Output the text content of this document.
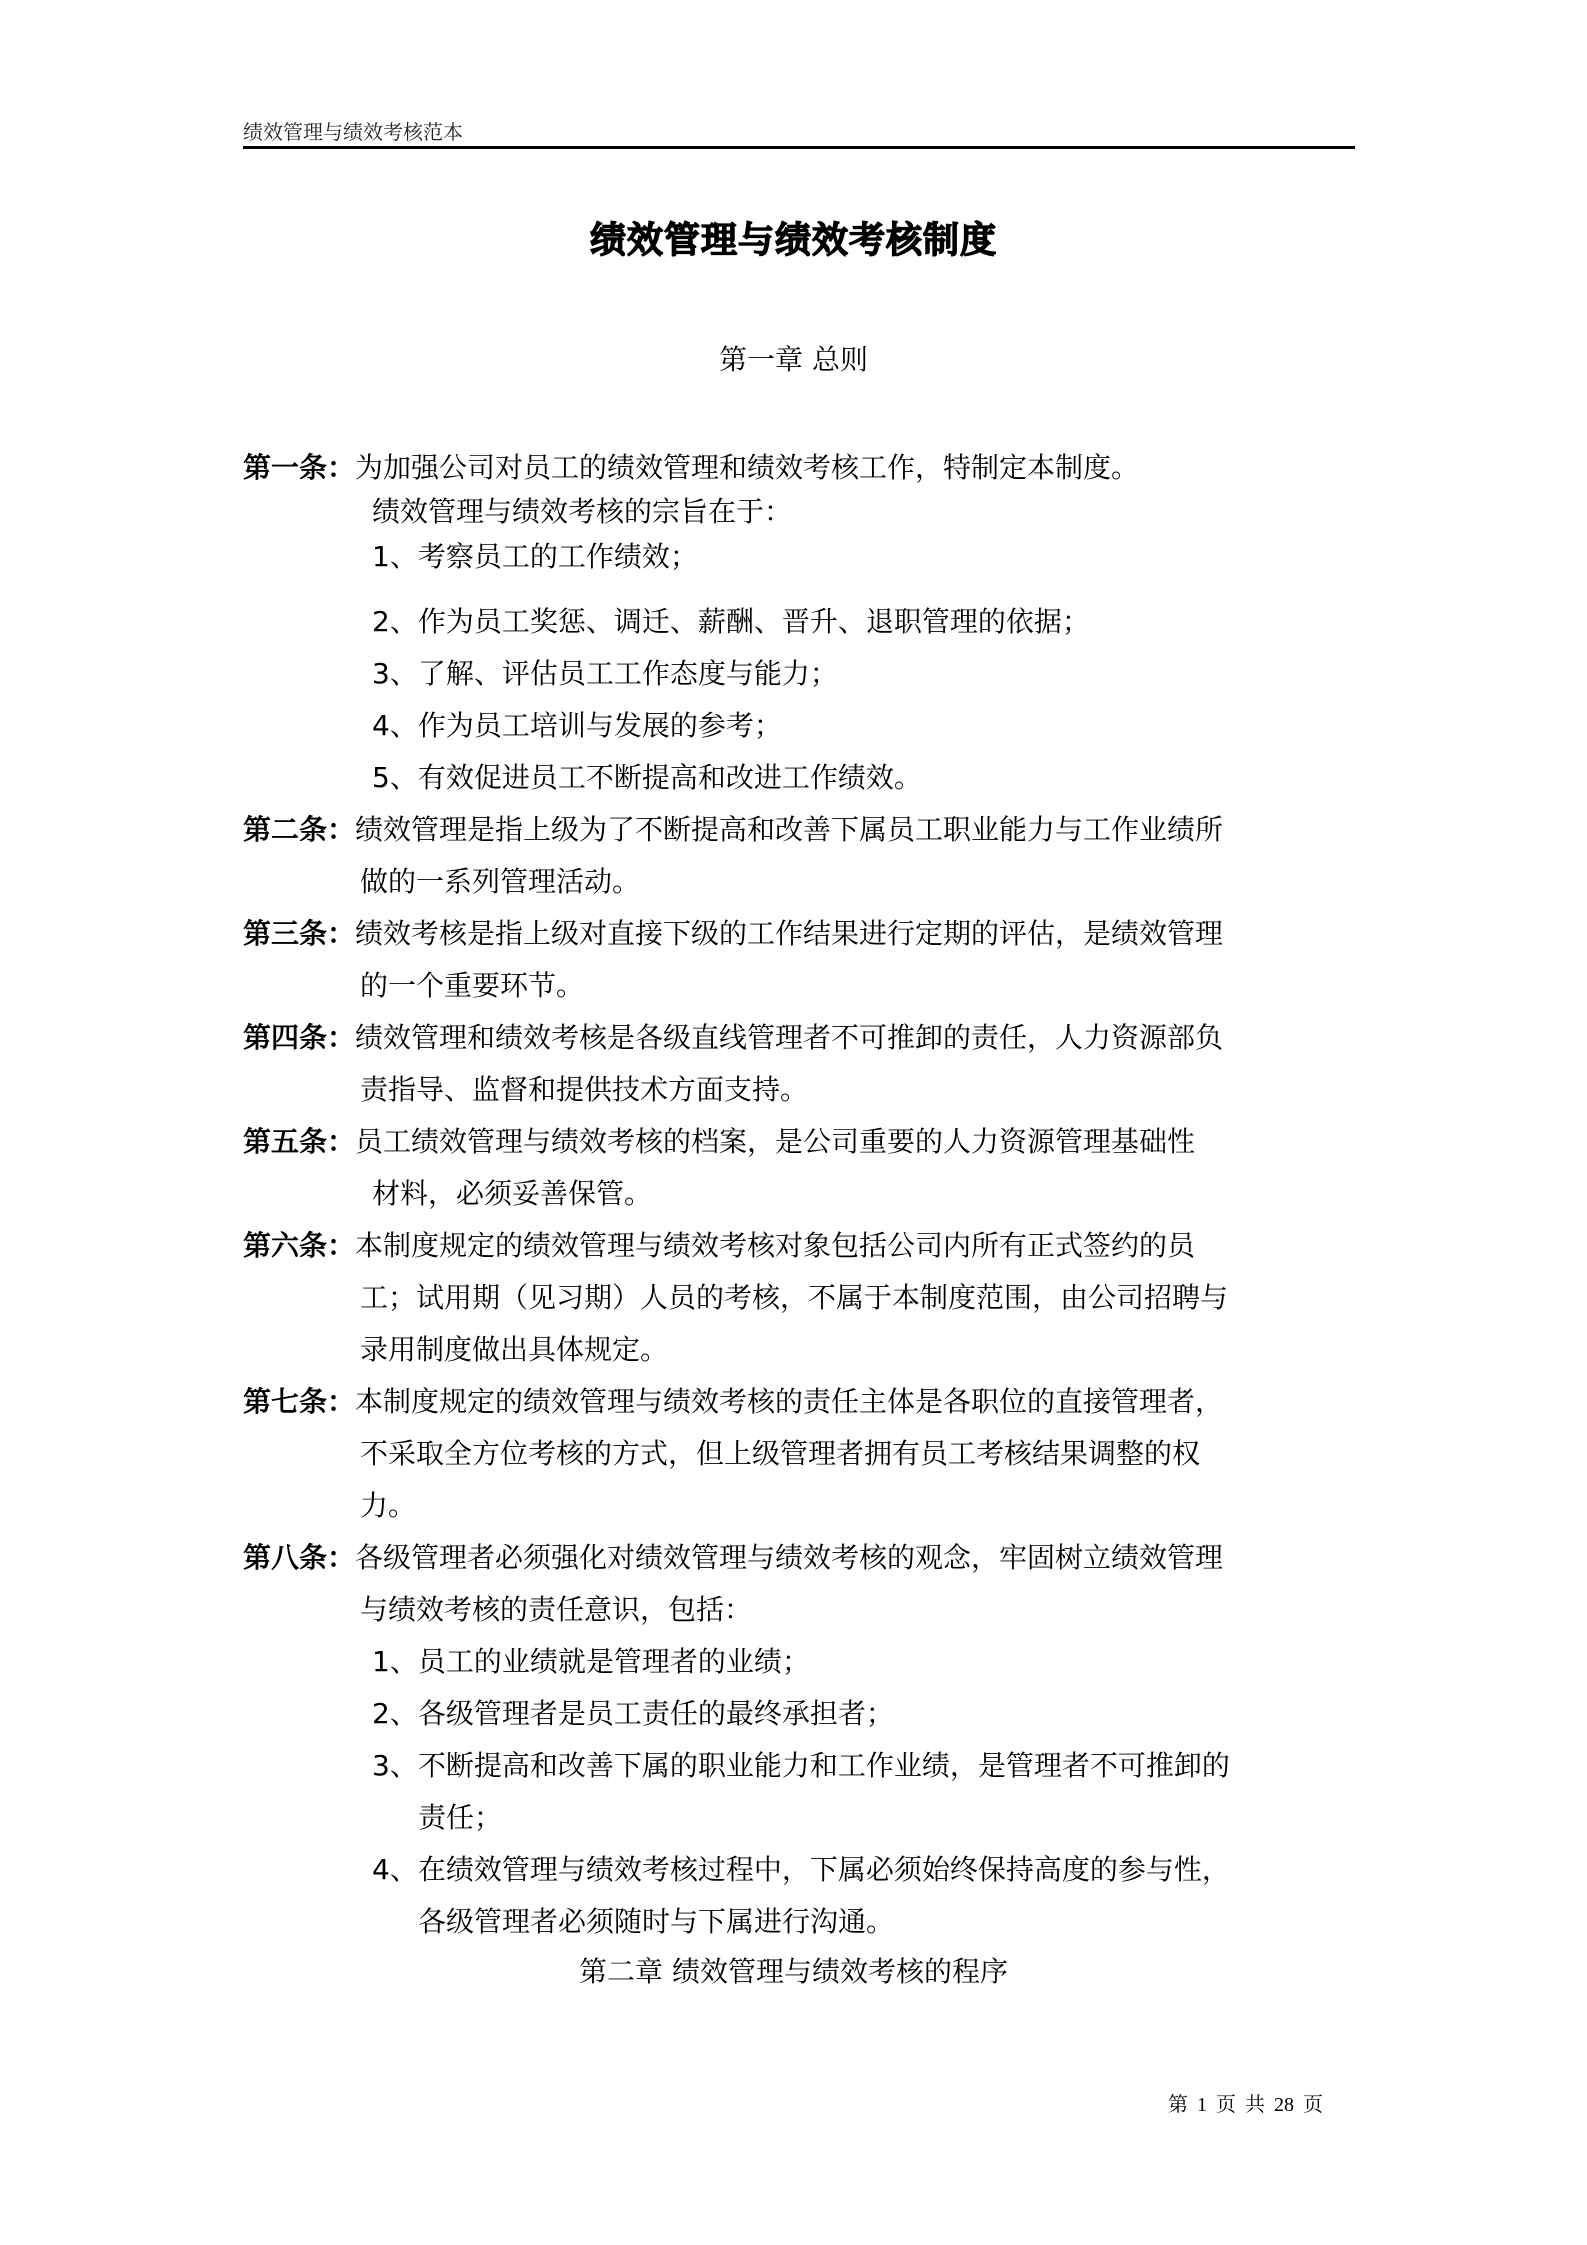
绩效管理与绩效考核范本
绩效管理与绩效考核制度
第一章 总则
第一条：为加强公司对员工的绩效管理和绩效考核工作，特制定本制度。
绩效管理与绩效考核的宗旨在于：
1、考察员工的工作绩效；
2、作为员工奖惩、调迁、薪酬、晋升、退职管理的依据；
3、了解、评估员工工作态度与能力；
4、作为员工培训与发展的参考；
5、有效促进员工不断提高和改进工作绩效。
第二条：绩效管理是指上级为了不断提高和改善下属员工职业能力与工作业绩所
做的一系列管理活动。
第三条：绩效考核是指上级对直接下级的工作结果进行定期的评估，是绩效管理
的一个重要环节。
第四条：绩效管理和绩效考核是各级直线管理者不可推卸的责任，人力资源部负
责指导、监督和提供技术方面支持。
第五条：员工绩效管理与绩效考核的档案，是公司重要的人力资源管理基础性
材料，必须妥善保管。
第六条：本制度规定的绩效管理与绩效考核对象包括公司内所有正式签约的员
工；试用期（见习期）人员的考核，不属于本制度范围，由公司招聘与
录用制度做出具体规定。
第七条：本制度规定的绩效管理与绩效考核的责任主体是各职位的直接管理者，
不采取全方位考核的方式，但上级管理者拥有员工考核结果调整的权
力。
第八条：各级管理者必须强化对绩效管理与绩效考核的观念，牢固树立绩效管理
与绩效考核的责任意识，包括：
1、员工的业绩就是管理者的业绩；
2、各级管理者是员工责任的最终承担者；
3、不断提高和改善下属的职业能力和工作业绩，是管理者不可推卸的
责任；
4、在绩效管理与绩效考核过程中，下属必须始终保持高度的参与性，
各级管理者必须随时与下属进行沟通。
第二章 绩效管理与绩效考核的程序
第 1 页 共 28 页
